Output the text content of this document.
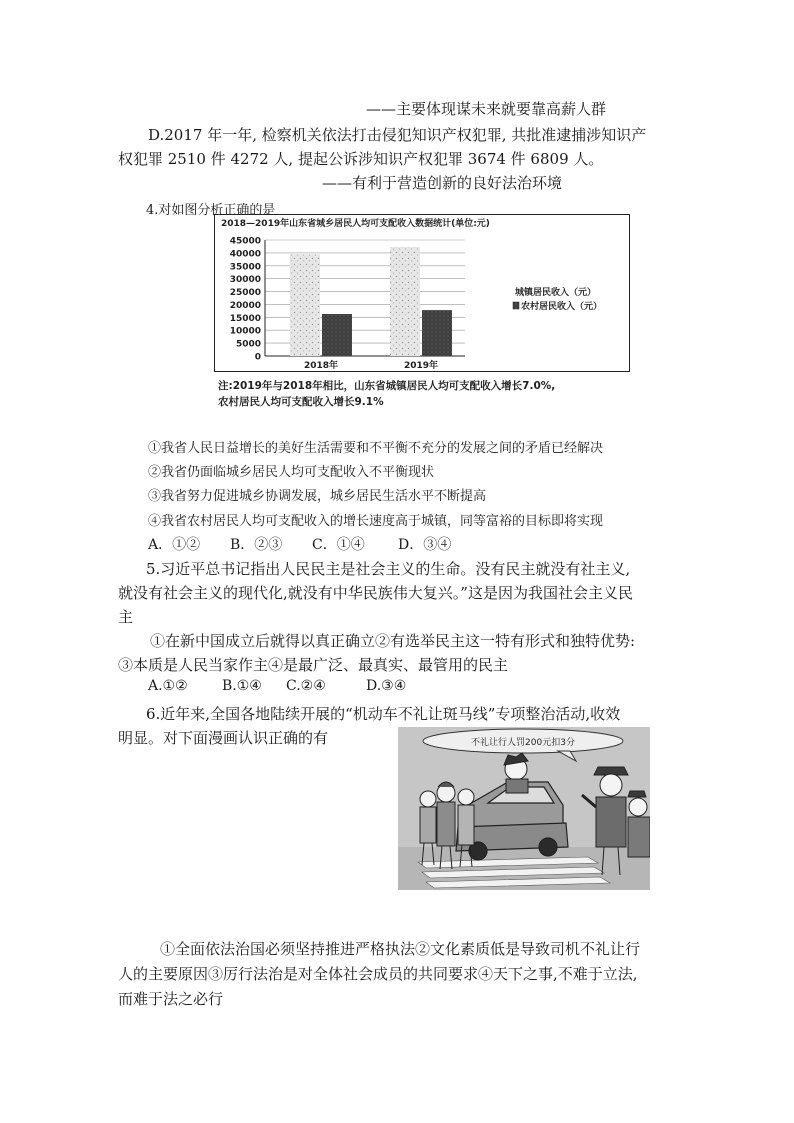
——主要体现谋未来就要靠高薪人群
D.2017 年一年, 检察机关依法打击侵犯知识产权犯罪, 共批准逮捕涉知识产
权犯罪 2510 件 4272 人, 提起公诉涉知识产权犯罪 3674 件 6809 人。
——有利于营造创新的良好法治环境
4.对如图分析正确的是
2018—2019年山东省城乡居民人均可支配收入数据统计(单位:元)
0
5000
10000
15000
20000
25000
30000
35000
40000
45000
2018年	2019年
城镇居民收入（元）
农村居民收入（元）
注:2019年与2018年相比，山东省城镇居民人均可支配收入增长7.0%,
农村居民人均可支配收入增长9.1%
①我省人民日益增长的美好生活需要和不平衡不充分的发展之间的矛盾已经解决
②我省仍面临城乡居民人均可支配收入不平衡现状
③我省努力促进城乡协调发展，城乡居民生活水平不断提高
④我省农村居民人均可支配收入的增长速度高于城镇，同等富裕的目标即将实现
A．①② B．②③ C．①④ D．③④
5.习近平总书记指出人民民主是社会主义的生命。没有民主就没有社主义,
就没有社会主义的现代化,就没有中华民族伟大复兴。”这是因为我国社会主义民
主
①在新中国成立后就得以真正确立②有选举民主这一特有形式和独特优势:
③本质是人民当家作主④是最广泛、最真实、最管用的民主
A.①② B.①④ C.②④	D.③④
6.近年来,全国各地陆续开展的“机动车不礼让斑马线”专项整治活动,收效
明显。对下面漫画认识正确的有	不礼让行人罚200元扣3分
①全面依法治国必须坚持推进严格执法②文化素质低是导致司机不礼让行
人的主要原因③厉行法治是对全体社会成员的共同要求④天下之事,不难于立法,
而难于法之必行
